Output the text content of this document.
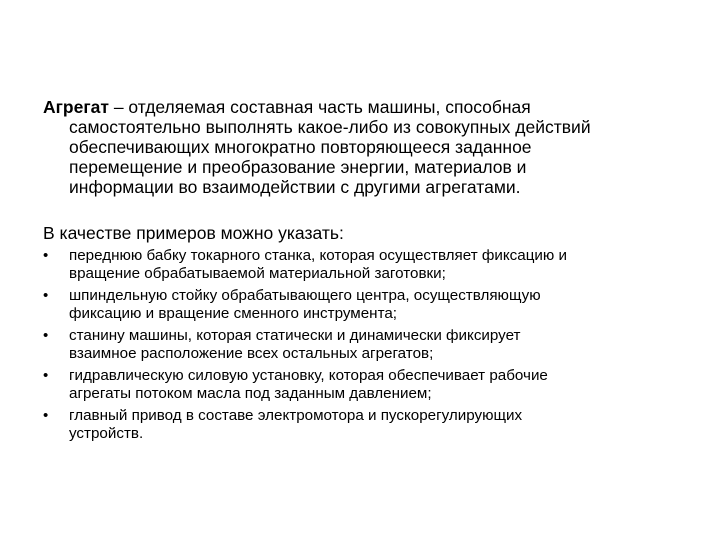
Агрегат – отделяемая составная часть машины, способная
самостоятельно выполнять какое-либо из совокупных действий
обеспечивающих многократно повторяющееся заданное
перемещение и преобразование энергии, материалов и
информации во взаимодействии с другими агрегатами.

В качестве примеров можно указать:

• переднюю бабку токарного станка, которая осуществляет фиксацию и
вращение обрабатываемой материальной заготовки;
• шпиндельную стойку обрабатывающего центра, осуществляющую
фиксацию и вращение сменного инструмента;
• станину машины, которая статически и динамически фиксирует
взаимное расположение всех остальных агрегатов;
• гидравлическую силовую установку, которая обеспечивает рабочие
агрегаты потоком масла под заданным давлением;
• главный привод в составе электромотора и пускорегулирующих
устройств.
